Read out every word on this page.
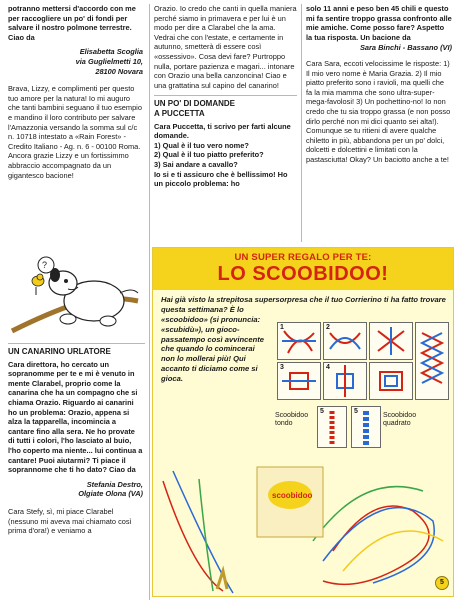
potranno mettersi d'accordo con me per raccogliere un po' di fondi per salvare il nostro polmone terrestre. Ciao da

Elisabetta Scoglia
via Guglielmetti 10,
28100 Novara

Brava, Lizzy, e complimenti per questo tuo amore per la natura! Io mi auguro che tanti bambini seguano il tuo esempio e mandino il loro contributo per salvare l'Amazzonia versando la somma sul c/c n. 10718 intestato a «Rain Forest» - Credito Italiano - Ag. n. 6 - 00100 Roma. Ancora grazie Lizzy e un fortissimmo abbraccio accompagnato da un gigantesco bacione!

?
UN CANARINO URLATORE

Cara direttora, ho cercato un sopranomme per te e mi è venuto in mente Clarabel, proprio come la canarina che ha un compagno che si chiama Orazio. Riguardo ai canarini ho un problema: Orazio, appena si alza la tapparella, incomincia a cantare fino alla sera. Ne ho provate di tutti i colori, l'ho lasciato al buio, l'ho coperto ma niente... lui continua a cantare! Puoi aiutarmi? Ti piace il soprannome che ti ho dato? Ciao da

Stefania Destro,
Olgiate Olona (VA)

Cara Stefy, sì, mi piace Clarabel (nessuno mi aveva mai chiamato così prima d'ora!) e veniamo a

Orazio. Io credo che canti in quella maniera perché siamo in primavera e per lui è un modo per dire a Clarabel che la ama. Vedrai che con l'estate, e certamente in autunno, smetterà di essere così «ossessivo». Cosa devi fare? Purtroppo nulla, portare pazienza e magari... intonare con Orazio una bella canzoncina! Ciao e una grattatina sul capino del canarino!

UN PO' DI DOMANDE
A PUCCETTA
Cara Puccetta, ti scrivo per farti alcune domande.
1) Qual è il tuo vero nome?
2) Qual è il tuo piatto preferito?
3) Sai andare a cavallo?
Io si e ti assicuro che è bellissimo! Ho un piccolo problema: ho

solo 11 anni e peso ben 45 chili e questo mi fa sentire troppo grassa confronto alle mie amiche. Come posso fare? Aspetto la tua risposta. Un bacione da

Sara Binchi - Bassano (VI)

Cara Sara, eccoti velocissime le risposte: 1) Il mio vero nome è Maria Grazia. 2) Il mio piatto preferito sono i ravioli, ma quelli che fa la mia mamma che sono ultra-super-mega-favolosi! 3) Un pochettino-no! Io non credo che tu sia troppo grassa (e non posso dirlo perché non mi dici quanto sei alta!). Comunque se tu ritieni di avere qualche chiletto in più, abbandona per un po' dolci, dolcetti e dolcettini e limitati con la pastasciutta! Okay? Un baciotto anche a te!

UN SUPER REGALO PER TE:
LO SCOOBIDOO!
Hai già visto la strepitosa supersorpresa che il tuo Corrierino ti ha fatto trovare questa settimana? È lo
«scoobidoo» (si pronuncia: «scubidù»), un gioco-passatempo così avvincente che quando lo comincerai non lo mollerai più! Qui accanto ti diciamo come si gioca.
1	2
3	4
5	5
Scoobidoo
tondo
Scoobidoo
quadrato
scoobidoo
5
